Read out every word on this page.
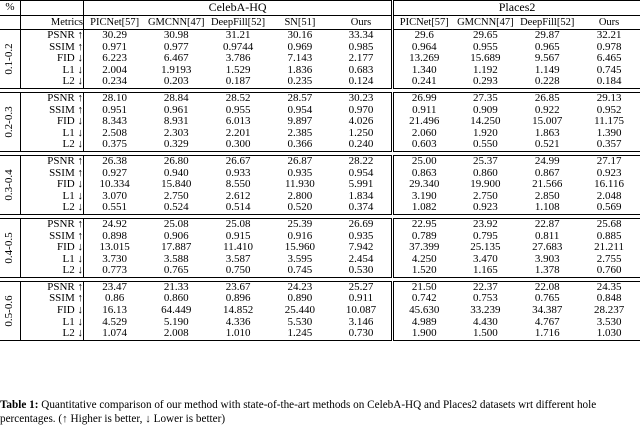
%		CelebA-HQ					Places2			
	Metrics	PICNet[57]	GMCNN[47]	DeepFill[52]	SN[51]	Ours	PICNet[57]	GMCNN[47]	DeepFill[52]	Ours

0.1-0.2	PSNR ↑	30.29	30.98	31.21	30.16	33.34	29.6	29.65	29.87	32.21
	SSIM ↑	0.971	0.977	0.9744	0.969	0.985	0.964	0.955	0.965	0.978
	FID ↓	6.223	6.467	3.786	7.143	2.177	13.269	15.689	9.567	6.465
	L1 ↓	2.004	1.9193	1.529	1.836	0.683	1.340	1.192	1.149	0.745
	L2 ↓	0.234	0.203	0.187	0.235	0.124	0.241	0.293	0.228	0.184

0.2-0.3	PSNR ↑	28.10	28.84	28.52	28.57	30.23	26.99	27.35	26.85	29.13
	SSIM ↑	0.951	0.961	0.955	0.954	0.970	0.911	0.909	0.922	0.952
	FID ↓	8.343	8.931	6.013	9.897	4.026	21.496	14.250	15.007	11.175
	L1 ↓	2.508	2.303	2.201	2.385	1.250	2.060	1.920	1.863	1.390
	L2 ↓	0.375	0.329	0.300	0.366	0.240	0.603	0.550	0.521	0.357

0.3-0.4	PSNR ↑	26.38	26.80	26.67	26.87	28.22	25.00	25.37	24.99	27.17
	SSIM ↑	0.927	0.940	0.933	0.935	0.954	0.863	0.860	0.867	0.923
	FID ↓	10.334	15.840	8.550	11.930	5.991	29.340	19.900	21.566	16.116
	L1 ↓	3.070	2.750	2.612	2.800	1.834	3.190	2.750	2.850	2.048
	L2 ↓	0.551	0.524	0.514	0.520	0.374	1.082	0.923	1.108	0.569

0.4-0.5	PSNR ↑	24.92	25.08	25.08	25.39	26.69	22.95	23.92	22.87	25.68
	SSIM ↑	0.898	0.906	0.915	0.916	0.935	0.789	0.795	0.811	0.885
	FID ↓	13.015	17.887	11.410	15.960	7.942	37.399	25.135	27.683	21.211
	L1 ↓	3.730	3.588	3.587	3.595	2.454	4.250	3.470	3.903	2.755
	L2 ↓	0.773	0.765	0.750	0.745	0.530	1.520	1.165	1.378	0.760

0.5-0.6	PSNR ↑	23.47	21.33	23.67	24.23	25.27	21.50	22.37	22.08	24.35
	SSIM ↑	0.86	0.860	0.896	0.890	0.911	0.742	0.753	0.765	0.848
	FID ↓	16.13	64.449	14.852	25.440	10.087	45.630	33.239	34.387	28.237
	L1 ↓	4.529	5.190	4.336	5.530	3.146	4.989	4.430	4.767	3.530
	L2 ↓	1.074	2.008	1.010	1.245	0.730	1.900	1.500	1.716	1.030
Table 1: Quantitative comparison of our method with state-of-the-art methods on CelebA-HQ and Places2 datasets wrt different hole percentages. (↑ Higher is better, ↓ Lower is better)
